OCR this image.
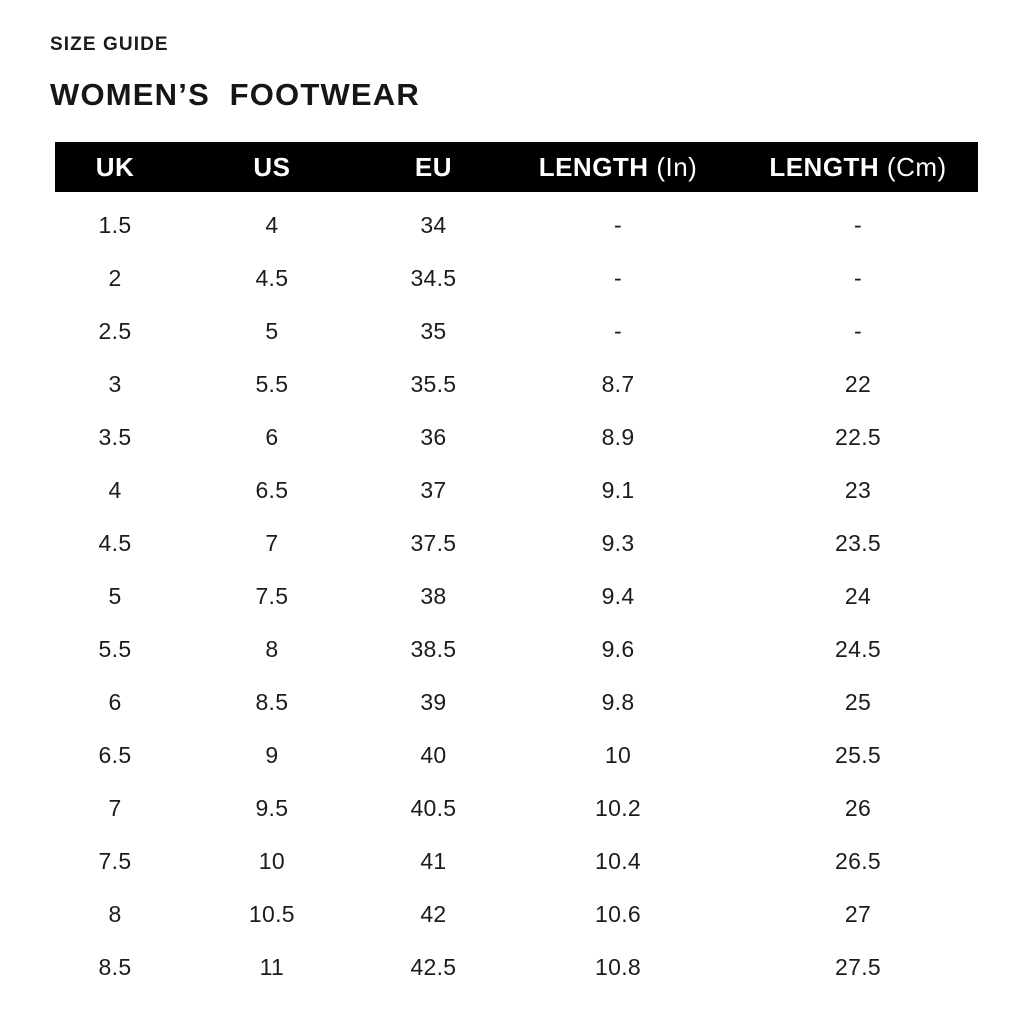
SIZE GUIDE
WOMEN’S  FOOTWEAR
UK	US	EU	LENGTH (In)	LENGTH (Cm)

1.5	4	34	-	-
2	4.5	34.5	-	-
2.5	5	35	-	-
3	5.5	35.5	8.7	22
3.5	6	36	8.9	22.5
4	6.5	37	9.1	23
4.5	7	37.5	9.3	23.5
5	7.5	38	9.4	24
5.5	8	38.5	9.6	24.5
6	8.5	39	9.8	25
6.5	9	40	10	25.5
7	9.5	40.5	10.2	26
7.5	10	41	10.4	26.5
8	10.5	42	10.6	27
8.5	11	42.5	10.8	27.5
